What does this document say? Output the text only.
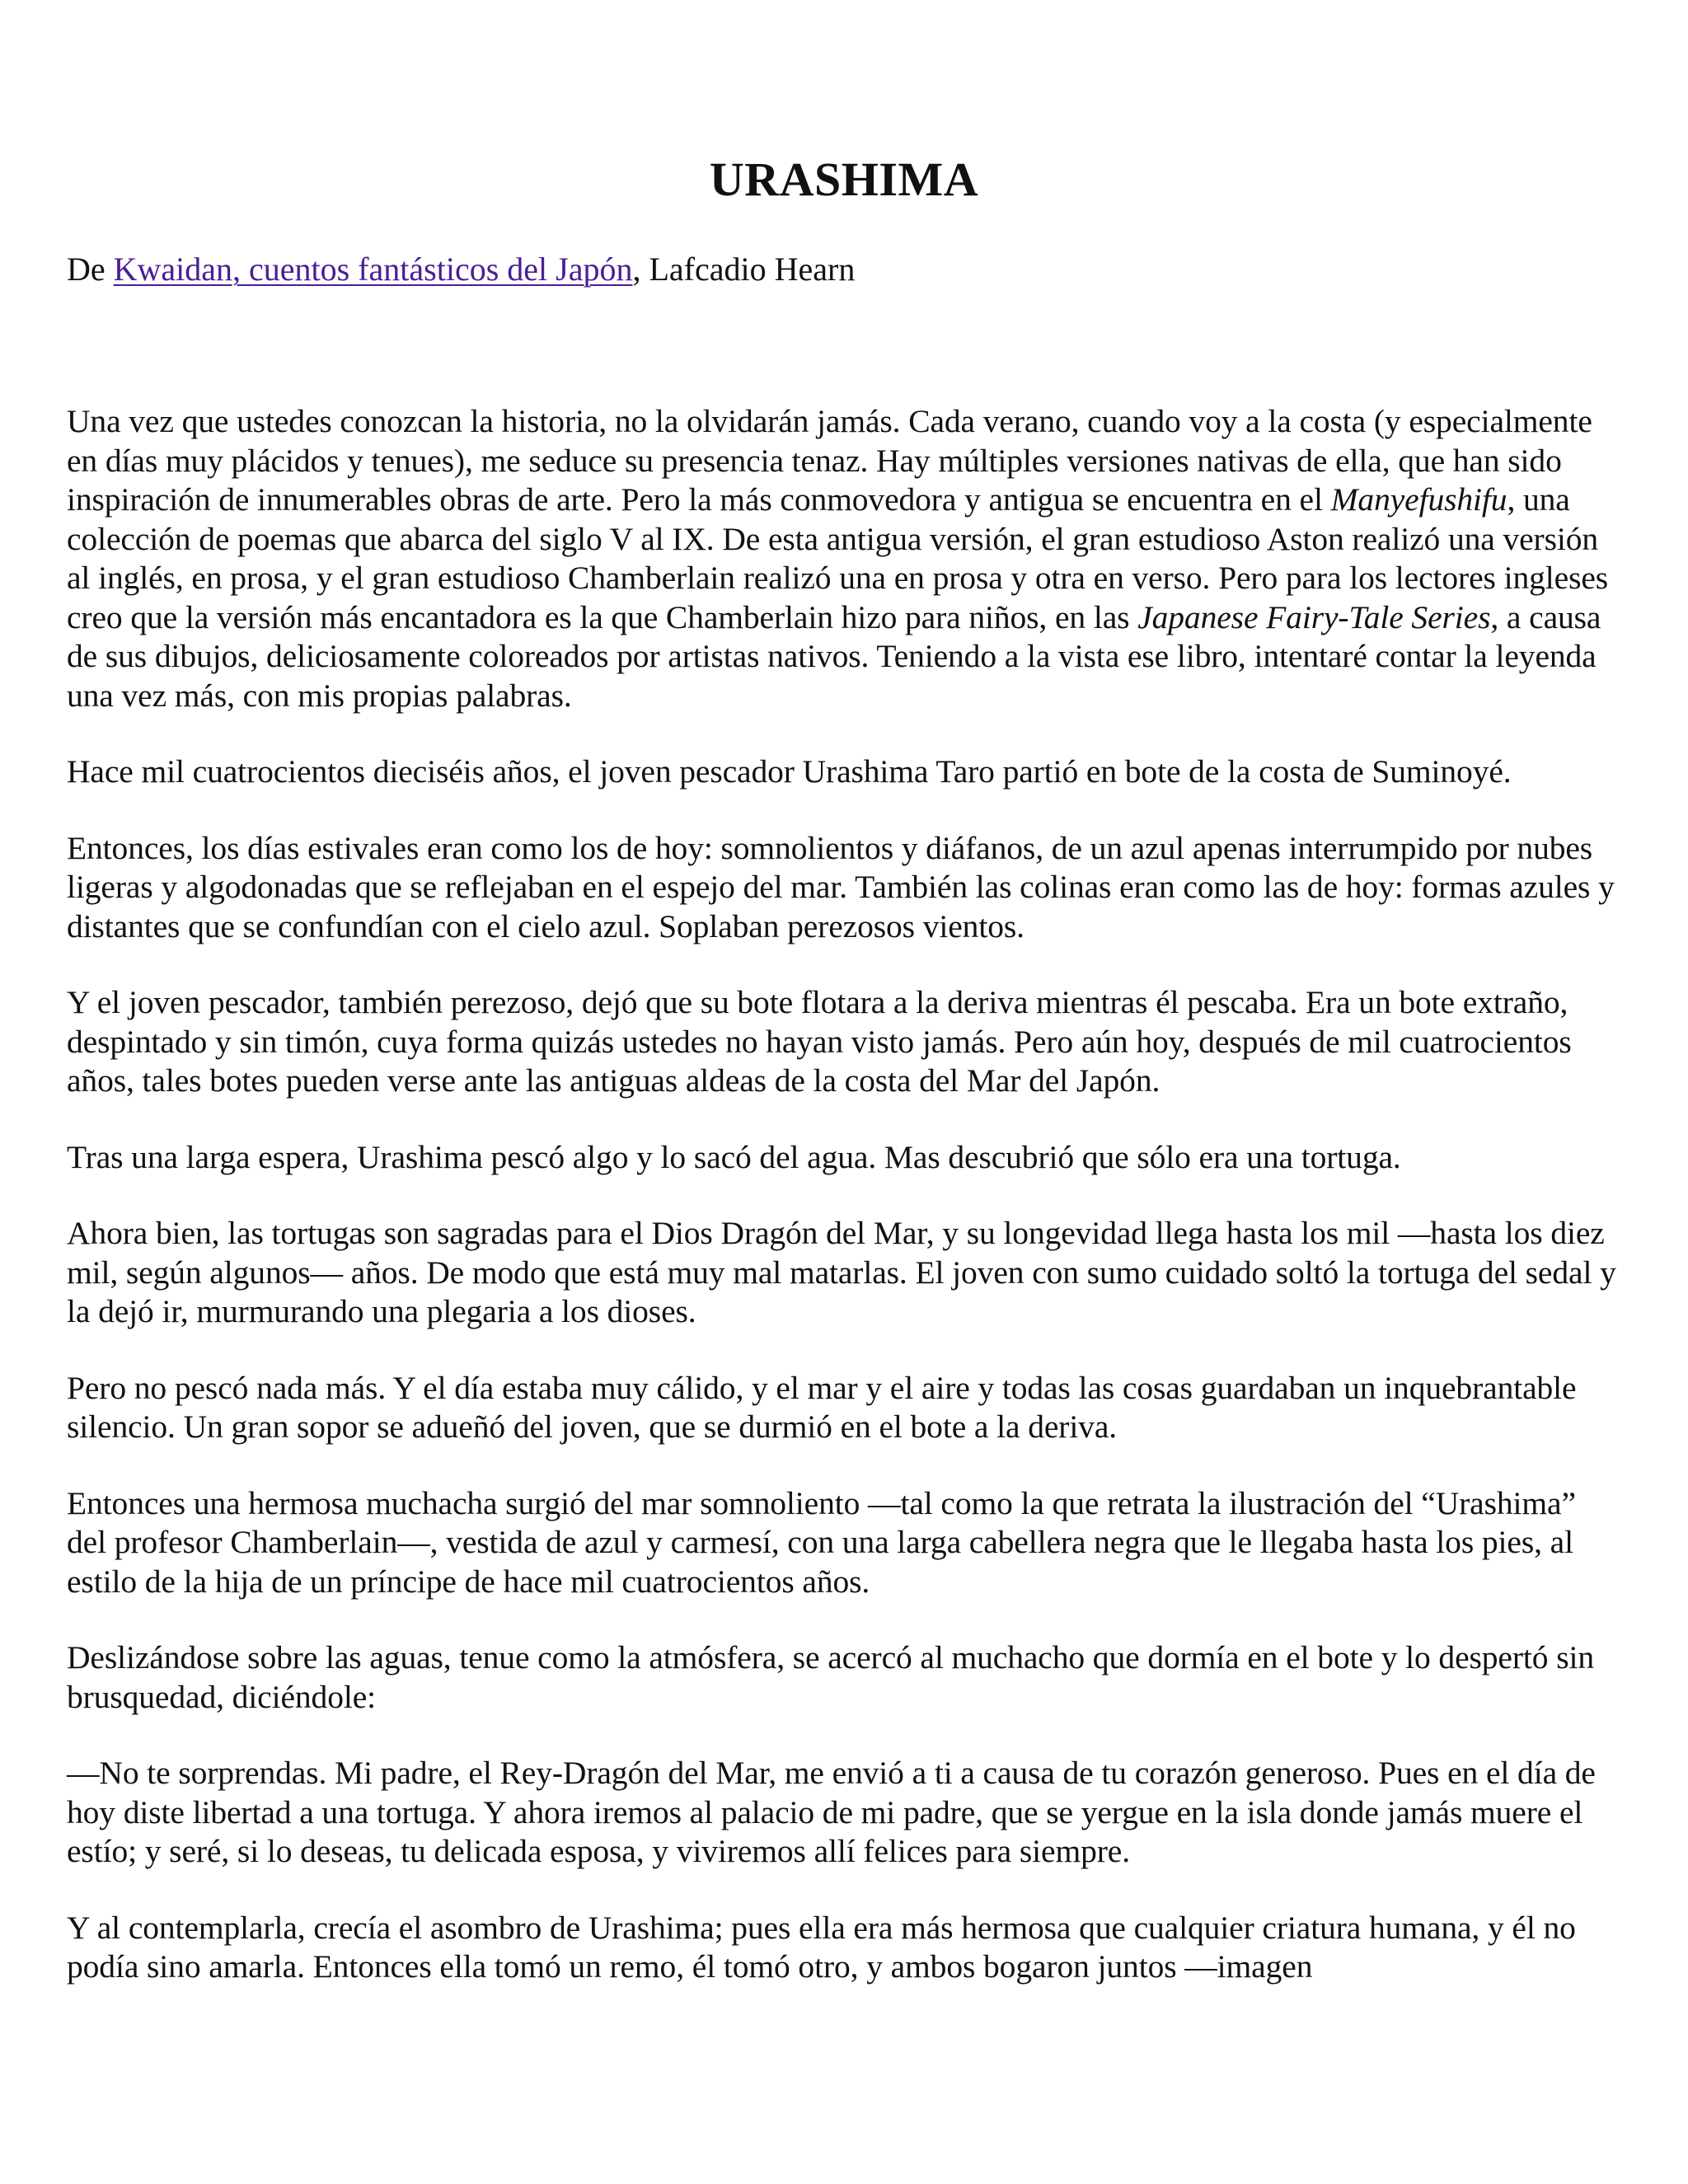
URASHIMA

De Kwaidan, cuentos fantásticos del Japón, Lafcadio Hearn

Una vez que ustedes conozcan la historia, no la olvidarán jamás. Cada verano, cuando voy a la costa (y especialmente en días muy plácidos y tenues), me seduce su presencia tenaz. Hay múltiples versiones nativas de ella, que han sido inspiración de innumerables obras de arte. Pero la más conmovedora y antigua se encuentra en el Manyefushifu, una colección de poemas que abarca del siglo V al IX. De esta antigua versión, el gran estudioso Aston realizó una versión al inglés, en prosa, y el gran estudioso Chamberlain realizó una en prosa y otra en verso. Pero para los lectores ingleses creo que la versión más encantadora es la que Chamberlain hizo para niños, en las Japanese Fairy-Tale Series, a causa de sus dibujos, deliciosamente coloreados por artistas nativos. Teniendo a la vista ese libro, intentaré contar la leyenda una vez más, con mis propias palabras.

Hace mil cuatrocientos dieciséis años, el joven pescador Urashima Taro partió en bote de la costa de Suminoyé.

Entonces, los días estivales eran como los de hoy: somnolientos y diáfanos, de un azul apenas interrumpido por nubes ligeras y algodonadas que se reflejaban en el espejo del mar. También las colinas eran como las de hoy: formas azules y distantes que se confundían con el cielo azul. Soplaban perezosos vientos.

Y el joven pescador, también perezoso, dejó que su bote flotara a la deriva mientras él pescaba. Era un bote extraño, despintado y sin timón, cuya forma quizás ustedes no hayan visto jamás. Pero aún hoy, después de mil cuatrocientos años, tales botes pueden verse ante las antiguas aldeas de la costa del Mar del Japón.

Tras una larga espera, Urashima pescó algo y lo sacó del agua. Mas descubrió que sólo era una tortuga.

Ahora bien, las tortugas son sagradas para el Dios Dragón del Mar, y su longevidad llega hasta los mil —hasta los diez mil, según algunos— años. De modo que está muy mal matarlas. El joven con sumo cuidado soltó la tortuga del sedal y la dejó ir, murmurando una plegaria a los dioses.

Pero no pescó nada más. Y el día estaba muy cálido, y el mar y el aire y todas las cosas guardaban un inquebrantable silencio. Un gran sopor se adueñó del joven, que se durmió en el bote a la deriva.

Entonces una hermosa muchacha surgió del mar somnoliento —tal como la que retrata la ilustración del “Urashima” del profesor Chamberlain—, vestida de azul y carmesí, con una larga cabellera negra que le llegaba hasta los pies, al estilo de la hija de un príncipe de hace mil cuatrocientos años.

Deslizándose sobre las aguas, tenue como la atmósfera, se acercó al muchacho que dormía en el bote y lo despertó sin brusquedad, diciéndole:

—No te sorprendas. Mi padre, el Rey-Dragón del Mar, me envió a ti a causa de tu corazón generoso. Pues en el día de hoy diste libertad a una tortuga. Y ahora iremos al palacio de mi padre, que se yergue en la isla donde jamás muere el estío; y seré, si lo deseas, tu delicada esposa, y viviremos allí felices para siempre.

Y al contemplarla, crecía el asombro de Urashima; pues ella era más hermosa que cualquier criatura humana, y él no podía sino amarla. Entonces ella tomó un remo, él tomó otro, y ambos bogaron juntos —imagen
